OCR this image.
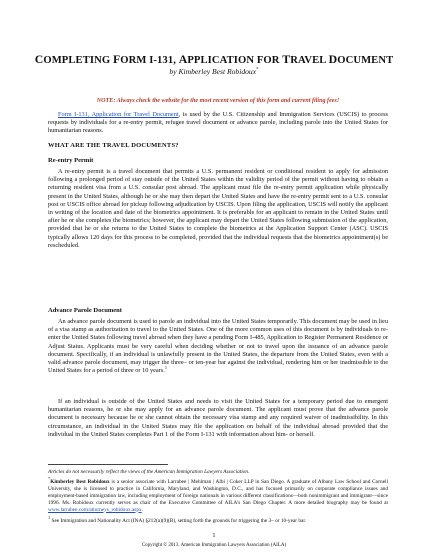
COMPLETING FORM I-131, APPLICATION FOR TRAVEL DOCUMENT
by Kimberley Best Robidoux*
NOTE: Always check the website for the most recent version of this form and current filing fees!
Form I-131, Application for Travel Document, is used by the U.S. Citizenship and Immigration Services (USCIS) to process requests by individuals for a re-entry permit, refugee travel document or advance parole, including parole into the United States for humanitarian reasons.
WHAT ARE THE TRAVEL DOCUMENTS?
Re-entry Permit
A re-entry permit is a travel document that permits a U.S. permanent resident or conditional resident to apply for admission following a prolonged period of stay outside of the United States within the validity period of the permit without having to obtain a returning resident visa from a U.S. consular post abroad. The applicant must file the re-entry permit application while physically present in the United States, although he or she may then depart the United States and have the re-entry permit sent to a U.S. consular post or USCIS office abroad for pickup following adjudication by USCIS. Upon filing the application, USCIS will notify the applicant in writing of the location and date of the biometrics appointment. It is preferable for an applicant to remain in the United States until after he or she completes the biometrics; however, the applicant may depart the United States following submission of the application, provided that he or she returns to the United States to complete the biometrics at the Application Support Center (ASC). USCIS typically allows 120 days for this process to be completed, provided that the individual requests that the biometrics appointment(s) be rescheduled.
Advance Parole Document
An advance parole document is used to parole an individual into the United States temporarily. This document may be used in lieu of a visa stamp as authorization to travel to the United States. One of the more common uses of this document is by individuals to re-enter the United States following travel abroad when they have a pending Form I-485, Application to Register Permanent Residence or Adjust Status. Applicants must be very careful when deciding whether or not to travel upon the issuance of an advance parole document. Specifically, if an individual is unlawfully present in the United States, the departure from the United States, even with a valid advance parole document, may trigger the three– or ten-year bar against the individual, rendering him or her inadmissible to the United States for a period of three or 10 years.$^1$
If an individual is outside of the United States and needs to visit the United States for a temporary period due to emergent humanitarian reasons, he or she may apply for an advance parole document. The applicant must prove that the advance parole document is necessary because he or she cannot obtain the necessary visa stamp and any required waiver of inadmissibility. In this circumstance, an individual in the United States may file the application on behalf of the individual abroad provided that the individual in the United States completes Part 1 of the Form I-131 with information about him- or herself.
Articles do not necessarily reflect the views of the American Immigration Lawyers Association.
*Kimberley Best Robidoux is a senior associate with Larrabee | Mehlman | Albi | Coker LLP in San Diego. A graduate of Albany Law School and Cornell University, she is licensed to practice in California, Maryland, and Washington, D.C., and has focused primarily on corporate compliance issues and employment-based immigration law, including employment of foreign nationals in various different classifications—both nonimmigrant and immigrant—since 1996. Ms. Robidoux currently serves as chair of the Executive Committee of AILA's San Diego Chapter. A more detailed biography may be found at www.larrabee.com/attorneys_robidoux.aspx.
$^1$ See Immigration and Nationality Act (INA) §212(a)(9)(B), setting forth the grounds for triggering the 3– or 10-year bar.
1
Copyright © 2013. American Immigration Lawyers Association (AILA)
